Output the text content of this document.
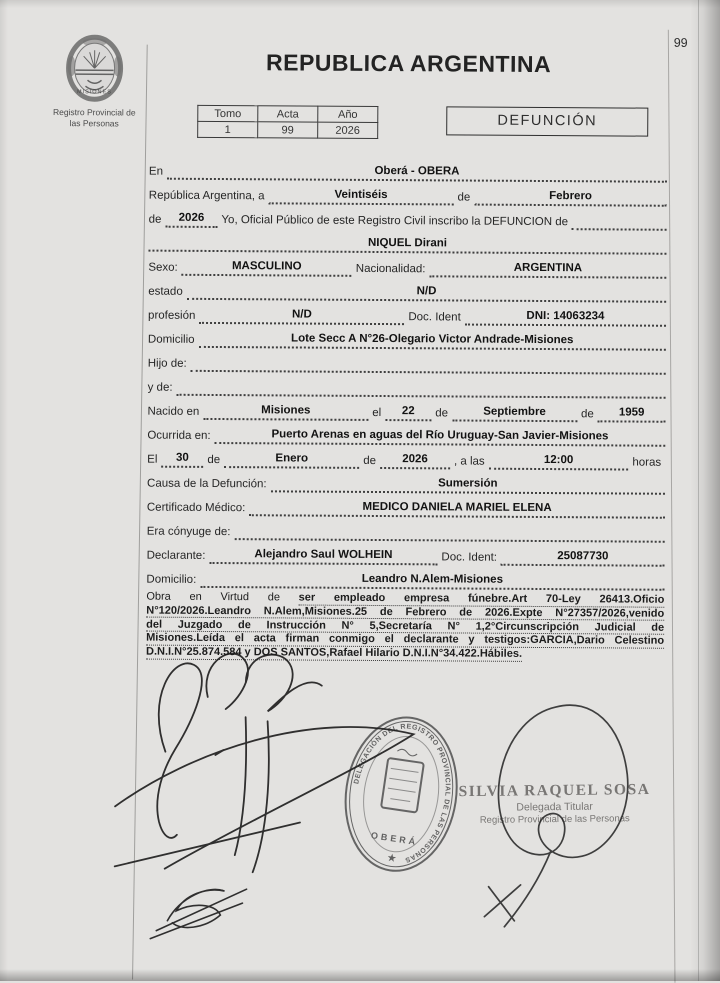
99
MISIONES
Registro Provincial de
las Personas
REPUBLICA ARGENTINA
Tomo	Acta	Año
1	99	2026
DEFUNCIÓN
En	Oberá - OBERA
República Argentina, a	Veintiséis	de	Febrero
de	2026	Yo, Oficial Público de este Registro Civil inscribo la DEFUNCION de
NIQUEL Dirani
Sexo:	MASCULINO	Nacionalidad:	ARGENTINA
estado	N/D
profesión	N/D	Doc. Ident	DNI: 14063234
Domicilio	Lote Secc A N°26-Olegario Victor Andrade-Misiones
Hijo de:
y de:
Nacido en	Misiones	el	22	de	Septiembre	de	1959
Ocurrida en:	Puerto Arenas en aguas del Río Uruguay-San Javier-Misiones
El	30	de	Enero	de	2026	, a las	12:00	horas
Causa de la Defunción:	Sumersión
Certificado Médico:	MEDICO DANIELA MARIEL ELENA
Era cónyuge de:
Declarante:	Alejandro Saul WOLHEIN	Doc. Ident:	25087730
Domicilio:	Leandro N.Alem-Misiones
Obra en Virtud de ser empleado empresa fúnebre.Art 70-Ley 26413.Oficio
N°120/2026.Leandro N.Alem,Misiones.25 de Febrero de 2026.Expte N°27357/2026,venido
del Juzgado de Instrucción N° 5,Secretaría N° 1,2°Circunscripción Judicial de
Misiones.Leída el acta firman conmigo el declarante y testigos:GARCIA,Dario Celestino
D.N.I.N°25.874.584 y DOS SANTOS,Rafael Hilario D.N.I.N°34.422.Hábiles.
DELEGACIÓN DEL REGISTRO PROVINCIAL DE LAS PERSONAS
OBERÁ
★
SILVIA RAQUEL SOSA
Delegada Titular
Registro Provincial de las Personas
